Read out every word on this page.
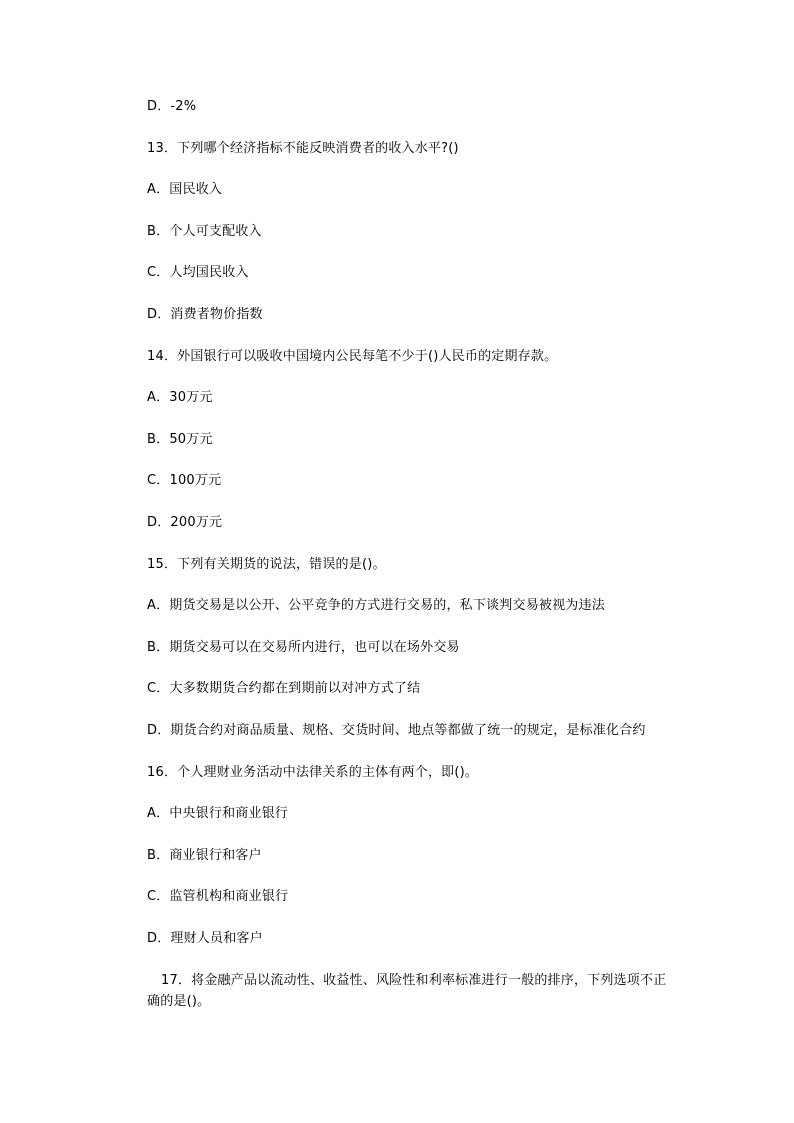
D．-2%
13．下列哪个经济指标不能反映消费者的收入水平?()
A．国民收入
B．个人可支配收入
C．人均国民收入
D．消费者物价指数
14．外国银行可以吸收中国境内公民每笔不少于()人民币的定期存款。
A．30万元
B．50万元
C．100万元
D．200万元
15．下列有关期货的说法，错误的是()。
A．期货交易是以公开、公平竞争的方式进行交易的，私下谈判交易被视为违法
B．期货交易可以在交易所内进行，也可以在场外交易
C．大多数期货合约都在到期前以对冲方式了结
D．期货合约对商品质量、规格、交货时间、地点等都做了统一的规定，是标准化合约
16．个人理财业务活动中法律关系的主体有两个，即()。
A．中央银行和商业银行
B．商业银行和客户
C．监管机构和商业银行
D．理财人员和客户
17．将金融产品以流动性、收益性、风险性和利率标准进行一般的排序，下列选项不正确的是()。
